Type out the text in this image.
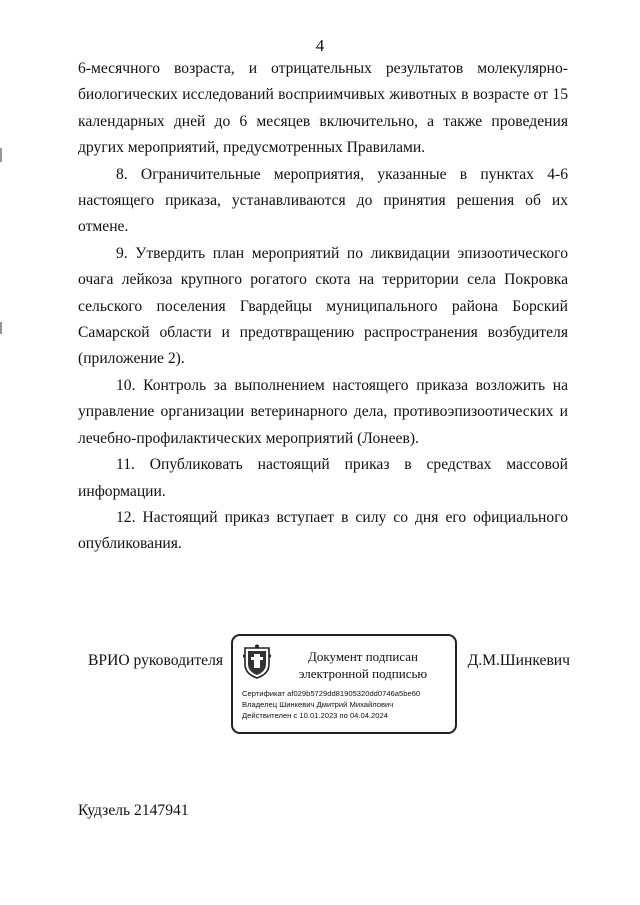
4

6-месячного возраста, и отрицательных результатов молекулярно-биологических исследований восприимчивых животных в возрасте от 15 календарных дней до 6 месяцев включительно, а также проведения других мероприятий, предусмотренных Правилами.

8. Ограничительные мероприятия, указанные в пунктах 4-6 настоящего приказа, устанавливаются до принятия решения об их отмене.

9. Утвердить план мероприятий по ликвидации эпизоотического очага лейкоза крупного рогатого скота на территории села Покровка сельского поселения Гвардейцы муниципального района Борский Самарской области и предотвращению распространения возбудителя (приложение 2).

10. Контроль за выполнением настоящего приказа возложить на управление организации ветеринарного дела, противоэпизоотических и лечебно-профилактических мероприятий (Лонеев).

11. Опубликовать настоящий приказ в средствах массовой информации.

12. Настоящий приказ вступает в силу со дня его официального опубликования.

ВРИО руководителя	Документ подписан
электронной подписью
Сертификат af029b5729dd81905320dd0746a5be60
Владелец Шинкевич Дмитрий Михайлович
Действителен с 10.01.2023 по 04.04.2024
Д.М.Шинкевич
Кудзель 2147941
